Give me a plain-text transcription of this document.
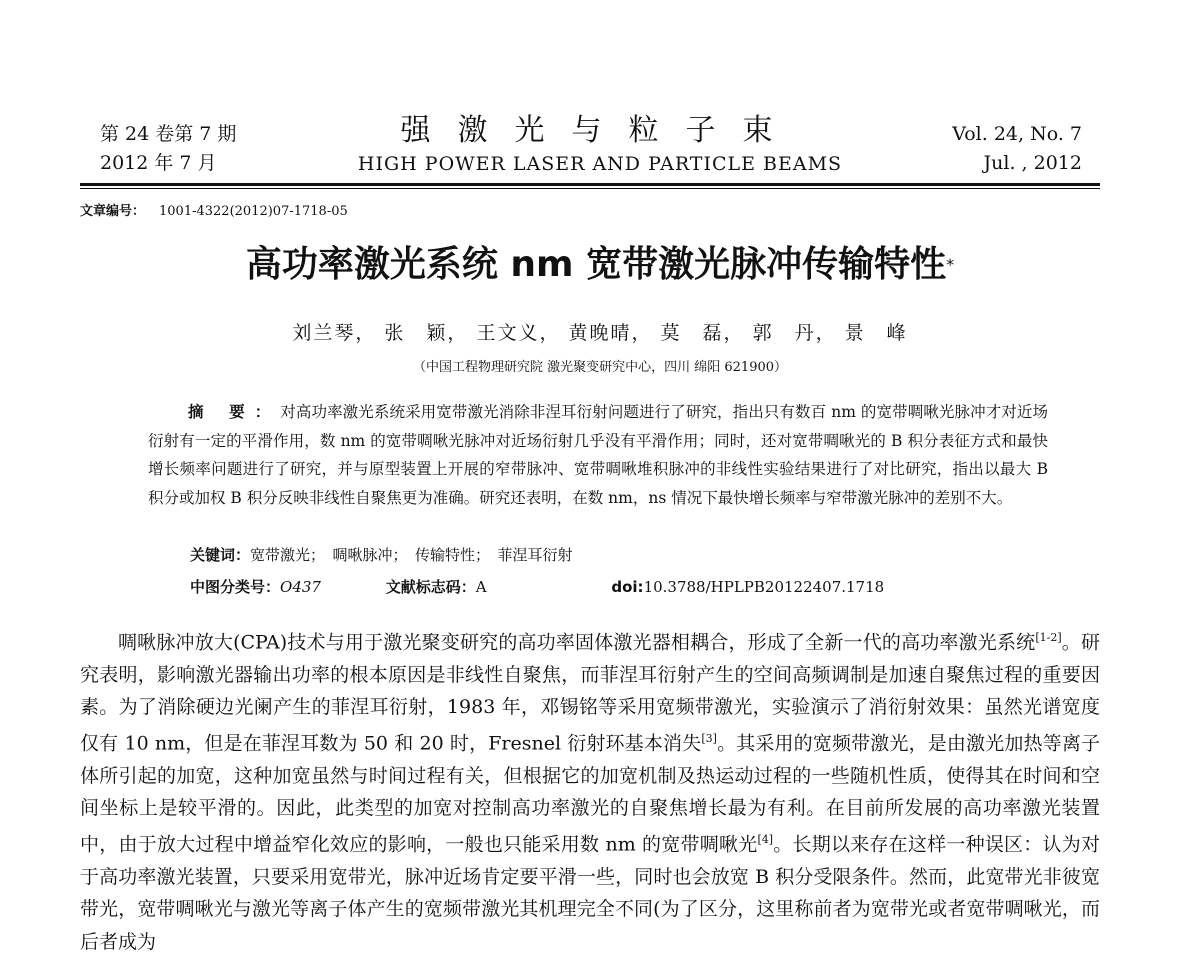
第 24 卷第 7 期
2012 年 7 月
强激光与粒子束
HIGH POWER LASER AND PARTICLE BEAMS
Vol. 24, No. 7
Jul. , 2012
文章编号： 1001-4322(2012)07-1718-05
高功率激光系统 nm 宽带激光脉冲传输特性*
刘兰琴， 张　颖， 王文义， 黄晚晴， 莫　磊， 郭　丹， 景　峰
（中国工程物理研究院 激光聚变研究中心，四川 绵阳 621900）

摘 要：对高功率激光系统采用宽带激光消除非涅耳衍射问题进行了研究，指出只有数百 nm 的宽带啁啾光脉冲才对近场衍射有一定的平滑作用，数 nm 的宽带啁啾光脉冲对近场衍射几乎没有平滑作用；同时，还对宽带啁啾光的 B 积分表征方式和最快增长频率问题进行了研究，并与原型装置上开展的窄带脉冲、宽带啁啾堆积脉冲的非线性实验结果进行了对比研究，指出以最大 B 积分或加权 B 积分反映非线性自聚焦更为准确。研究还表明，在数 nm，ns 情况下最快增长频率与窄带激光脉冲的差别不大。

关键词：宽带激光；　啁啾脉冲；　传输特性；　菲涅耳衍射
中图分类号：O437	文献标志码：A	doi:10.3788/HPLPB20122407.1718

啁啾脉冲放大(CPA)技术与用于激光聚变研究的高功率固体激光器相耦合，形成了全新一代的高功率激光系统[1-2]。研究表明，影响激光器输出功率的根本原因是非线性自聚焦，而菲涅耳衍射产生的空间高频调制是加速自聚焦过程的重要因素。为了消除硬边光阑产生的菲涅耳衍射，1983 年，邓锡铭等采用宽频带激光，实验演示了消衍射效果：虽然光谱宽度仅有 10 nm，但是在菲涅耳数为 50 和 20 时，Fresnel 衍射环基本消失[3]。其采用的宽频带激光，是由激光加热等离子体所引起的加宽，这种加宽虽然与时间过程有关，但根据它的加宽机制及热运动过程的一些随机性质，使得其在时间和空间坐标上是较平滑的。因此，此类型的加宽对控制高功率激光的自聚焦增长最为有利。在目前所发展的高功率激光装置中，由于放大过程中增益窄化效应的影响，一般也只能采用数 nm 的宽带啁啾光[4]。长期以来存在这样一种误区：认为对于高功率激光装置，只要采用宽带光，脉冲近场肯定要平滑一些，同时也会放宽 B 积分受限条件。然而，此宽带光非彼宽带光，宽带啁啾光与激光等离子体产生的宽频带激光其机理完全不同(为了区分，这里称前者为宽带光或者宽带啁啾光，而后者成为
